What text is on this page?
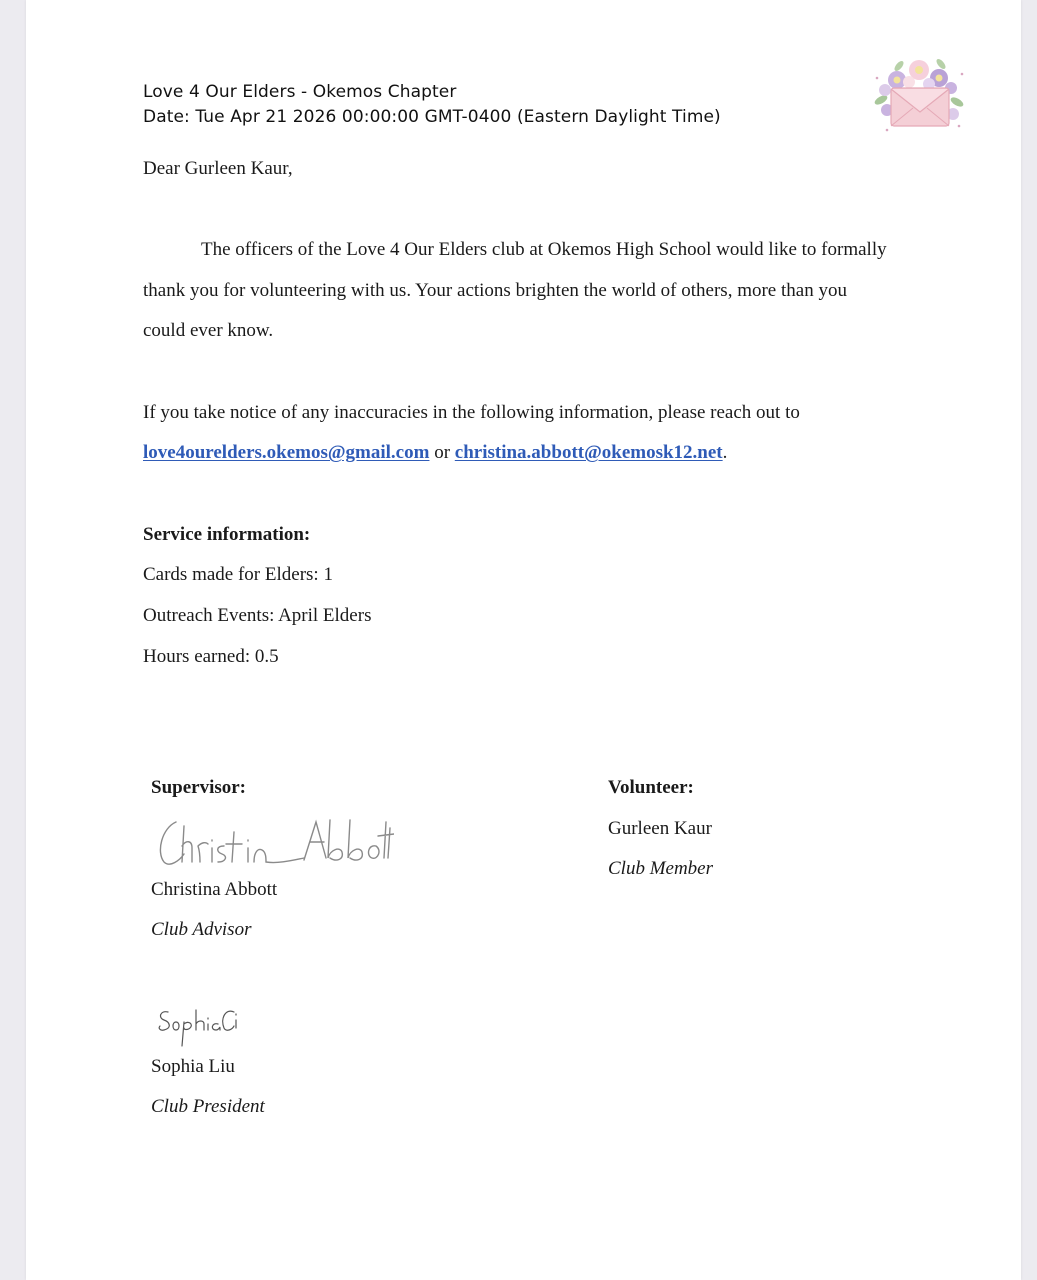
Love 4 Our Elders - Okemos Chapter
Date: Tue Apr 21 2026 00:00:00 GMT-0400 (Eastern Daylight Time)
Dear Gurleen Kaur,
The officers of the Love 4 Our Elders club at Okemos High School would like to formally
thank you for volunteering with us. Your actions brighten the world of others, more than you
could ever know.
If you take notice of any inaccuracies in the following information, please reach out to
love4ourelders.okemos@gmail.com or christina.abbott@okemosk12.net.
Service information:
Cards made for Elders: 1
Outreach Events: April Elders
Hours earned: 0.5
Supervisor:
Christina Abbott
Club Advisor
Sophia Liu
Club President
Volunteer:
Gurleen Kaur
Club Member
